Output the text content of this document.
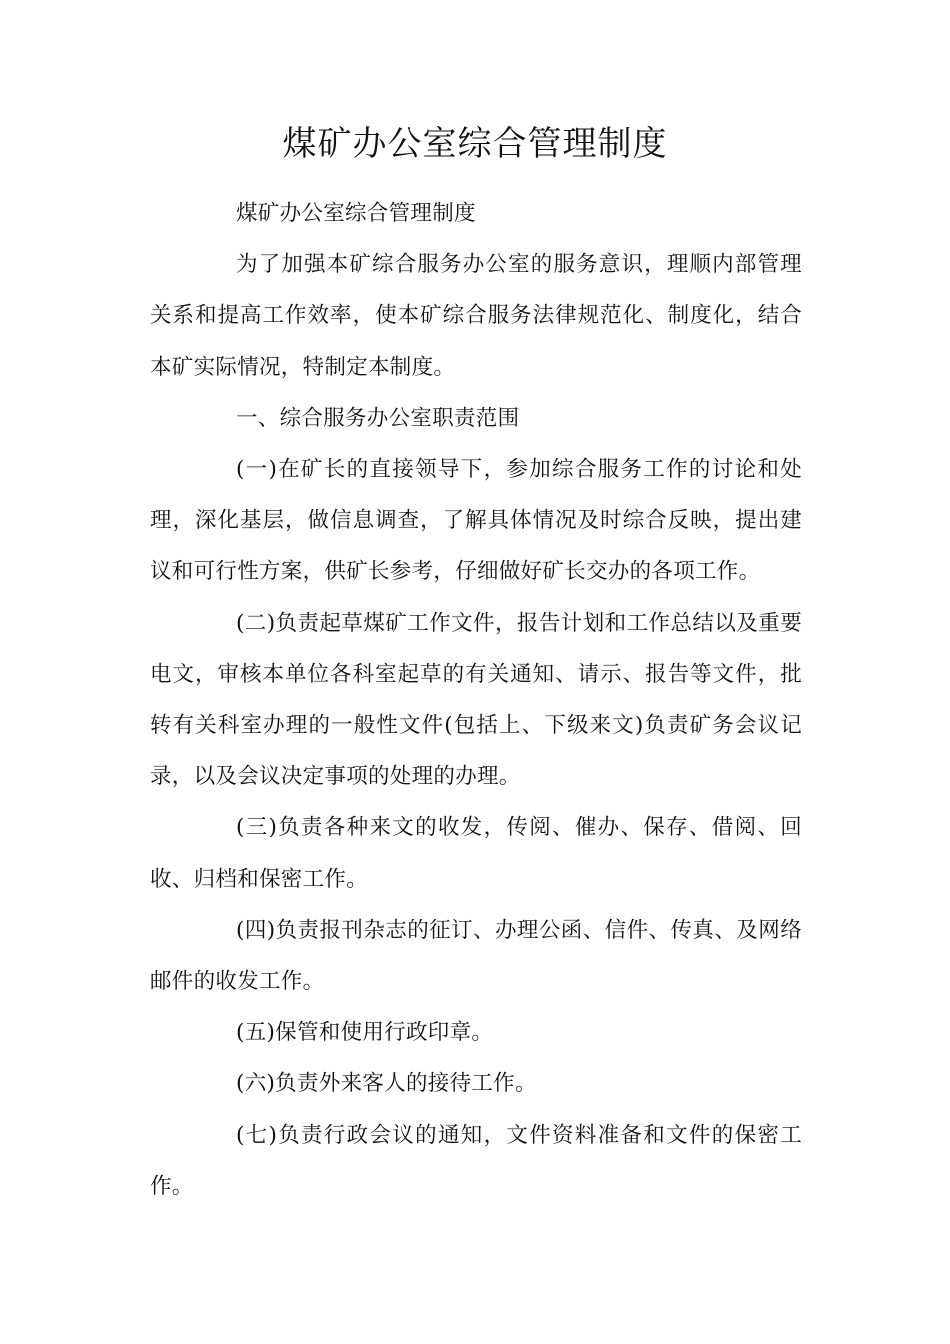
煤矿办公室综合管理制度

煤矿办公室综合管理制度

为了加强本矿综合服务办公室的服务意识，理顺内部管理关系和提高工作效率，使本矿综合服务法律规范化、制度化，结合本矿实际情况，特制定本制度。

一、综合服务办公室职责范围

(一)在矿长的直接领导下，参加综合服务工作的讨论和处理，深化基层，做信息调查，了解具体情况及时综合反映，提出建议和可行性方案，供矿长参考，仔细做好矿长交办的各项工作。

(二)负责起草煤矿工作文件，报告计划和工作总结以及重要电文，审核本单位各科室起草的有关通知、请示、报告等文件，批转有关科室办理的一般性文件(包括上、下级来文)负责矿务会议记录，以及会议决定事项的处理的办理。

(三)负责各种来文的收发，传阅、催办、保存、借阅、回收、归档和保密工作。

(四)负责报刊杂志的征订、办理公函、信件、传真、及网络邮件的收发工作。

(五)保管和使用行政印章。

(六)负责外来客人的接待工作。

(七)负责行政会议的通知，文件资料准备和文件的保密工作。
